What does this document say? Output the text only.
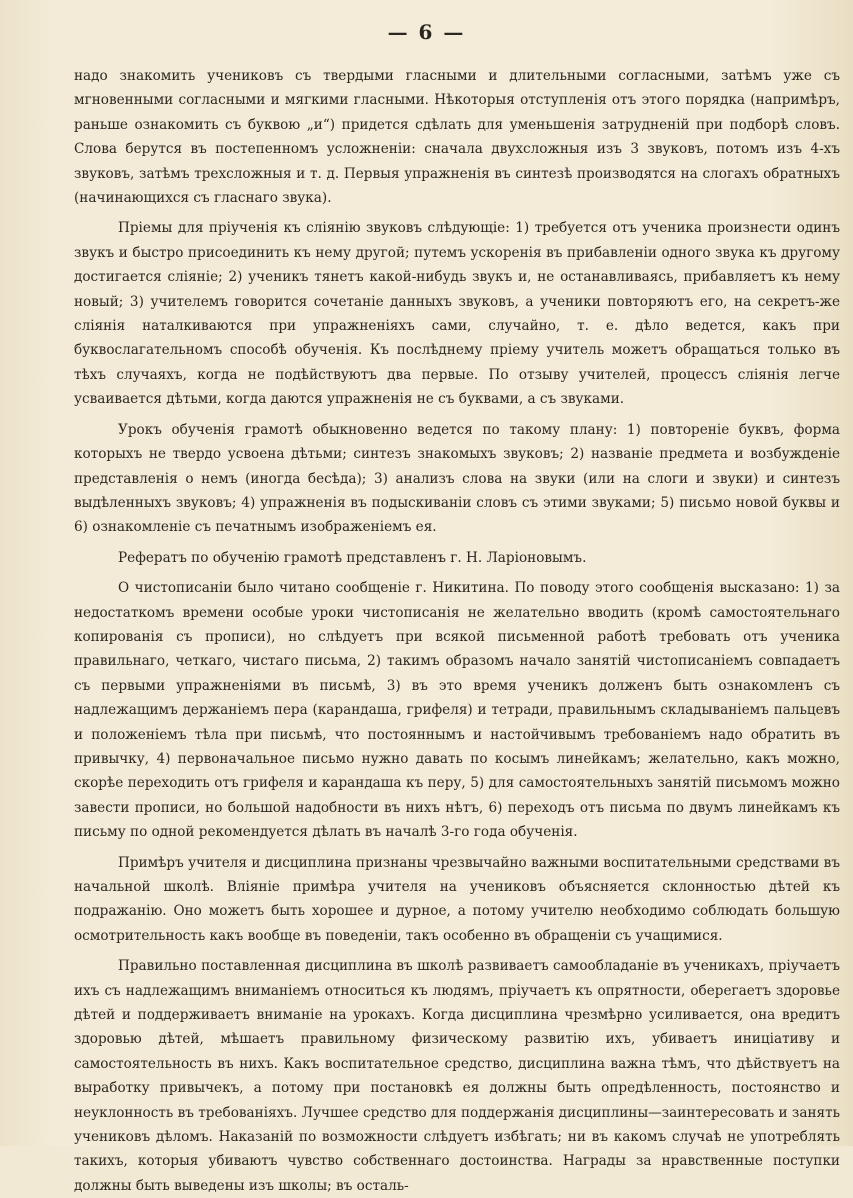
— 6 —

надо знакомить учениковъ съ твердыми гласными и длительными согласными, затѣмъ уже съ мгновенными согласными и мягкими гласными. Нѣкоторыя отступленія отъ этого порядка (напримѣръ, раньше ознакомить съ буквою „и“) придется сдѣлать для уменьшенія затрудненій при подборѣ словъ. Слова берутся въ постепенномъ усложненіи: сначала двухсложныя изъ 3 звуковъ, потомъ изъ 4-хъ звуковъ, затѣмъ трехсложныя и т. д. Первыя упражненія въ синтезѣ производятся на слогахъ обратныхъ (начинающихся съ гласнаго звука).

Пріемы для пріученія къ слiянію звуковъ слѣдующіе: 1) требуется отъ ученика произнести одинъ звукъ и быстро присоединить къ нему другой; путемъ ускоренія въ прибавленіи одного звука къ другому достигается сліяніе; 2) ученикъ тянетъ какой-нибудь звукъ и, не останавливаясь, прибавляетъ къ нему новый; 3) учителемъ говорится сочетаніе данныхъ звуковъ, а ученики повторяютъ его, на секретъ-же сліянія наталкиваются при упражненіяхъ сами, случайно, т. е. дѣло ведется, какъ при буквослагательномъ способѣ обученія. Къ послѣднему пріему учитель можетъ обращаться только въ тѣхъ случаяхъ, когда не подѣйствуютъ два первые. По отзыву учителей, процессъ сліянія легче усваивается дѣтьми, когда даются упражненія не съ буквами, а съ звуками.

Урокъ обученія грамотѣ обыкновенно ведется по такому плану: 1) повтореніе буквъ, форма которыхъ не твердо усвоена дѣтьми; синтезъ знакомыхъ звуковъ; 2) названіе предмета и возбужденіе представленія о немъ (иногда бесѣда); 3) анализъ слова на звуки (или на слоги и звуки) и синтезъ выдѣленныхъ звуковъ; 4) упражненія въ подыскиваніи словъ съ этими звуками; 5) письмо новой буквы и 6) ознакомленіе съ печатнымъ изображеніемъ ея.

Рефератъ по обученію грамотѣ представленъ г. Н. Ларіоновымъ.

О чистописаніи было читано сообщеніе г. Никитина. По поводу этого сообщенія высказано: 1) за недостаткомъ времени особые уроки чистописанія не желательно вводить (кромѣ самостоятельнаго копированія съ прописи), но слѣдуетъ при всякой письменной работѣ требовать отъ ученика правильнаго, четкаго, чистаго письма, 2) такимъ образомъ начало занятій чистописаніемъ совпадаетъ съ первыми упражненіями въ письмѣ, 3) въ это время ученикъ долженъ быть ознакомленъ съ надлежащимъ держаніемъ пера (карандаша, грифеля) и тетради, правильнымъ складываніемъ пальцевъ и положеніемъ тѣла при письмѣ, что постояннымъ и настойчивымъ требованіемъ надо обратить въ привычку, 4) первоначальное письмо нужно давать по косымъ линейкамъ; желательно, какъ можно, скорѣе переходить отъ грифеля и карандаша къ перу, 5) для самостоятельныхъ занятій письмомъ можно завести прописи, но большой надобности въ нихъ нѣтъ, 6) переходъ отъ письма по двумъ линейкамъ къ письму по одной рекомендуется дѣлать въ началѣ 3-го года обученія.

Примѣръ учителя и дисциплина признаны чрезвычайно важными воспитательными средствами въ начальной школѣ. Вліяніе примѣра учителя на учениковъ объясняется склонностью дѣтей къ подражанію. Оно можетъ быть хорошее и дурное, а потому учителю необходимо соблюдать большую осмотрительность какъ вообще въ поведеніи, такъ особенно въ обращеніи съ учащимися.

Правильно поставленная дисциплина въ школѣ развиваетъ самообладаніе въ ученикахъ, пріучаетъ ихъ съ надлежащимъ вниманіемъ относиться къ людямъ, пріучаетъ къ опрятности, оберегаетъ здоровье дѣтей и поддерживаетъ вниманіе на урокахъ. Когда дисциплина чрезмѣрно усиливается, она вредитъ здоровью дѣтей, мѣшаетъ правильному физическому развитію ихъ, убиваетъ иниціативу и самостоятельность въ нихъ. Какъ воспитательное средство, дисциплина важна тѣмъ, что дѣйствуетъ на выработку привычекъ, а потому при постановкѣ ея должны быть опредѣленность, постоянство и неуклонность въ требованіяхъ. Лучшее средство для поддержанія дисциплины—заинтересовать и занять учениковъ дѣломъ. Наказаній по возможности слѣдуетъ избѣгать; ни въ какомъ случаѣ не употреблять такихъ, которыя убиваютъ чувство собственнаго достоинства. Награды за нравственные поступки должны быть выведены изъ школы; въ осталь-
